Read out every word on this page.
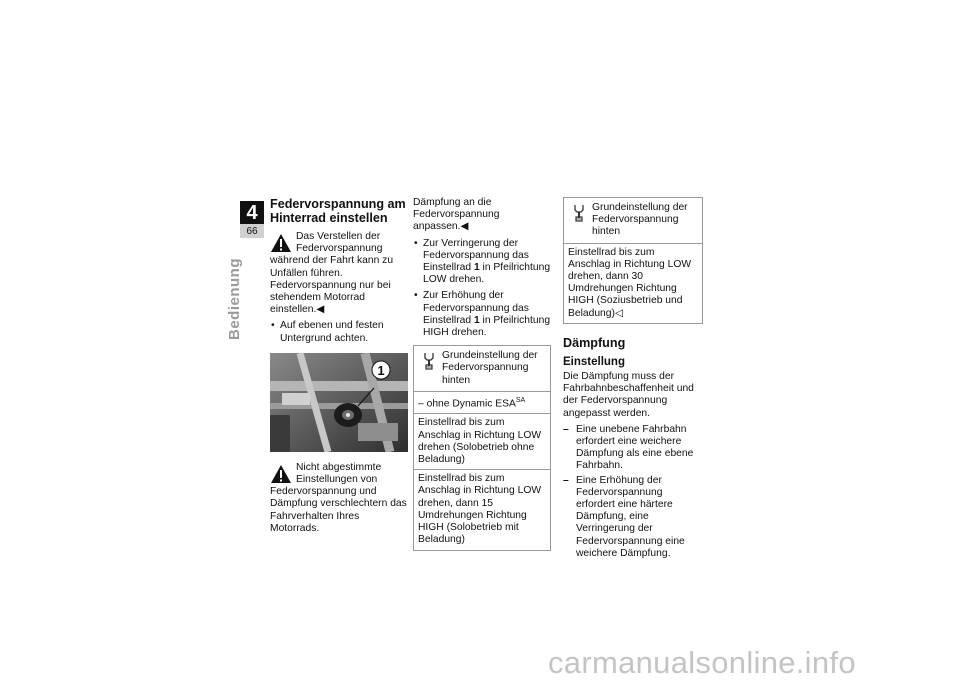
4
66
Bedienung
Federvorspannung am Hinterrad einstellen
Das Verstellen der Federvorspannung während der Fahrt kann zu Unfällen führen. Federvorspannung nur bei stehendem Motorrad einstellen.◀
• Auf ebenen und festen Untergrund achten.
1
Nicht abgestimmte Einstellungen von Federvorspannung und Dämpfung verschlechtern das Fahrverhalten Ihres Motorrads.

Dämpfung an die Federvorspannung anpassen.◀

• Zur Verringerung der Federvorspannung das Einstellrad 1 in Pfeilrichtung LOW drehen.
• Zur Erhöhung der Federvorspannung das Einstellrad 1 in Pfeilrichtung HIGH drehen.
Grundeinstellung der Federvorspannung hinten
– ohne Dynamic $ESA^{SA}$
Einstellrad bis zum Anschlag in Richtung LOW drehen (Solobetrieb ohne Beladung)
Einstellrad bis zum Anschlag in Richtung LOW drehen, dann 15 Umdrehungen Richtung HIGH (Solobetrieb mit Beladung)
Grundeinstellung der Federvorspannung hinten
Einstellrad bis zum Anschlag in Richtung LOW drehen, dann 30 Umdrehungen Richtung HIGH (Soziusbetrieb und Beladung)◁
Dämpfung
Einstellung

Die Dämpfung muss der Fahrbahnbeschaffenheit und der Federvorspannung angepasst werden.

– Eine unebene Fahrbahn erfordert eine weichere Dämpfung als eine ebene Fahrbahn.
– Eine Erhöhung der Federvorspannung erfordert eine härtere Dämpfung, eine Verringerung der Federvorspannung eine weichere Dämpfung.
carmanualsonline.info
